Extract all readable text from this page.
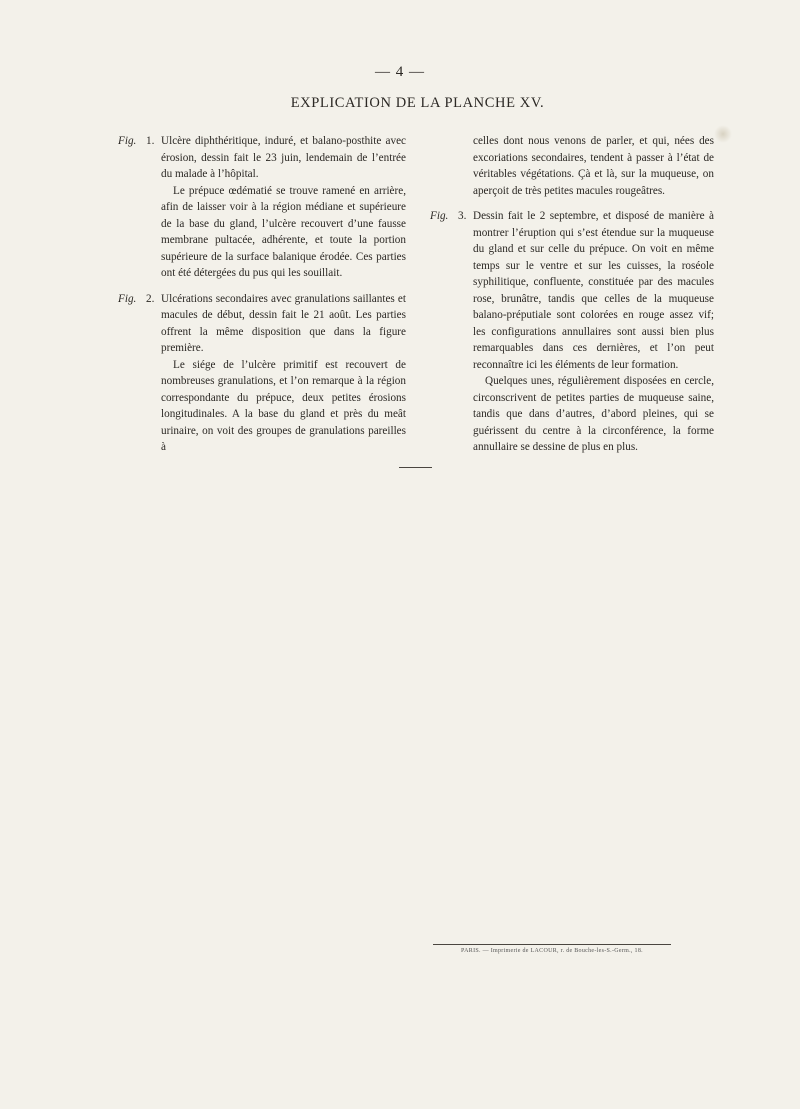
— 4 —
EXPLICATION DE LA PLANCHE XV.
Fig. 1. Ulcère diphthéritique, induré, et balano-posthite avec érosion, dessin fait le 23 juin, lendemain de l’entrée du malade à l’hôpital.

Le prépuce œdématié se trouve ramené en arrière, afin de laisser voir à la région médiane et supérieure de la base du gland, l’ulcère recouvert d’une fausse membrane pultacée, adhérente, et toute la portion supérieure de la surface balanique érodée. Ces parties ont été détergées du pus qui les souillait.

Fig. 2. Ulcérations secondaires avec granulations saillantes et macules de début, dessin fait le 21 août. Les parties offrent la même disposition que dans la figure première.

Le siége de l’ulcère primitif est recouvert de nombreuses granulations, et l’on remarque à la région correspondante du prépuce, deux petites érosions longitudinales. A la base du gland et près du meât urinaire, on voit des groupes de granulations pareilles à

celles dont nous venons de parler, et qui, nées des excoriations secondaires, tendent à passer à l’état de véritables végétations. Çà et là, sur la muqueuse, on aperçoit de très petites macules rougeâtres.

Fig. 3. Dessin fait le 2 septembre, et disposé de manière à montrer l’éruption qui s’est étendue sur la muqueuse du gland et sur celle du prépuce. On voit en même temps sur le ventre et sur les cuisses, la roséole syphilitique, confluente, constituée par des macules rose, brunâtre, tandis que celles de la muqueuse balano-préputiale sont colorées en rouge assez vif; les configurations annullaires sont aussi bien plus remarquables dans ces dernières, et l’on peut reconnaître ici les éléments de leur formation.

Quelques unes, régulièrement disposées en cercle, circonscrivent de petites parties de muqueuse saine, tandis que dans d’autres, d’abord pleines, qui se guérissent du centre à la circonférence, la forme annullaire se dessine de plus en plus.

PARIS. — Imprimerie de LACOUR, r. de Bouche-les-S.-Germ., 18.
